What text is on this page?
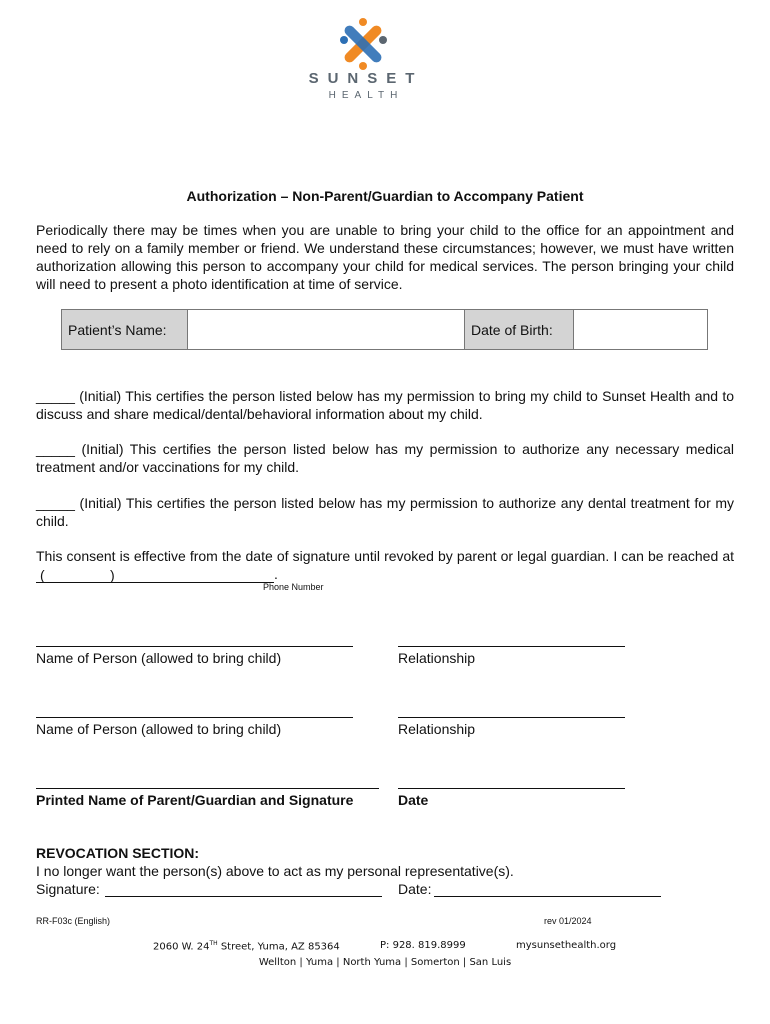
SUNSET
HEALTH
Authorization – Non-Parent/Guardian to Accompany Patient
Periodically there may be times when you are unable to bring your child to the office for an appointment and need to rely on a family member or friend. We understand these circumstances; however, we must have written authorization allowing this person to accompany your child for medical services. The person bringing your child will need to present a photo identification at time of service.
Patient’s Name:		Date of Birth:	
_____ (Initial) This certifies the person listed below has my permission to bring my child to Sunset Health and to discuss and share medical/dental/behavioral information about my child.
_____ (Initial) This certifies the person listed below has my permission to authorize any necessary medical treatment and/or vaccinations for my child.
_____ (Initial) This certifies the person listed below has my permission to authorize any dental treatment for my child.
This consent is effective from the date of signature until revoked by parent or legal guardian. I can be reached at
(	)	.
Phone Number
Name of Person (allowed to bring child)	Relationship
Name of Person (allowed to bring child)	Relationship
Printed Name of Parent/Guardian and Signature	Date
REVOCATION SECTION:
I no longer want the person(s) above to act as my personal representative(s).
Signature:	Date:
RR-F03c (English)	rev 01/2024
2060 W. 24TH Street, Yuma, AZ 85364	P: 928. 819.8999	mysunsethealth.org
Wellton | Yuma | North Yuma | Somerton | San Luis
